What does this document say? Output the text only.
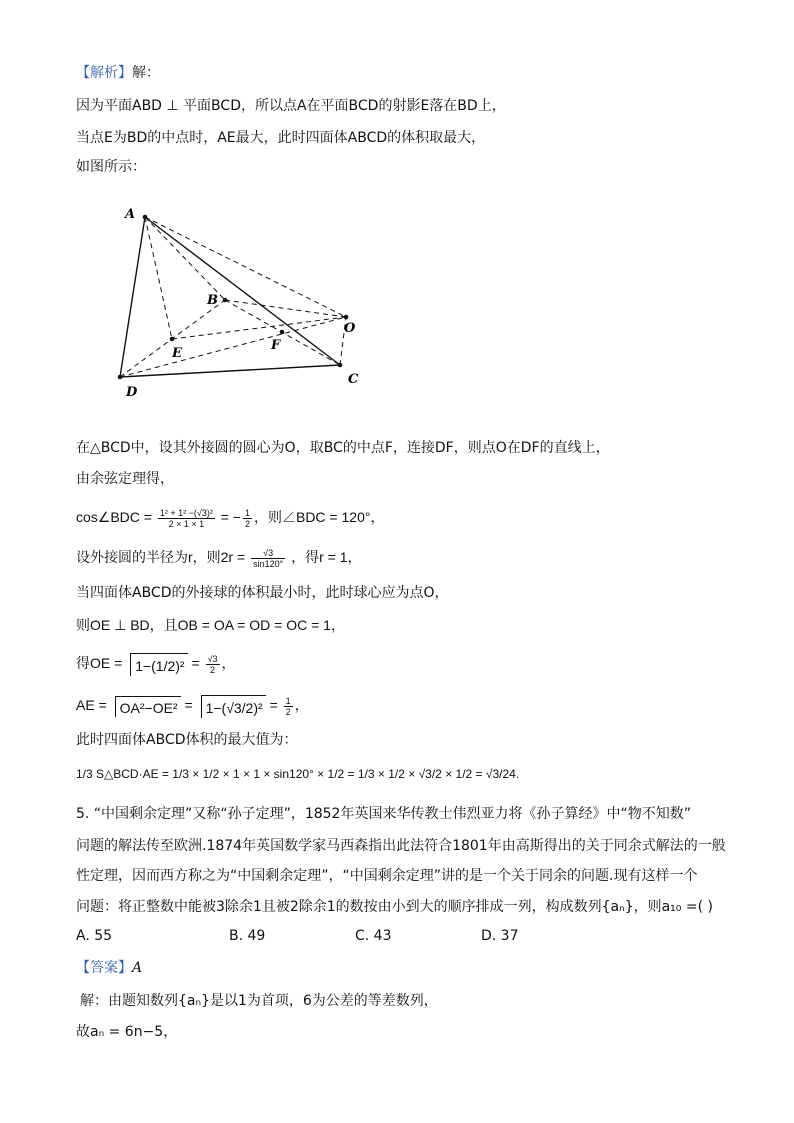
【解析】解：
因为平面ABD ⊥ 平面BCD，所以点A在平面BCD的射影E落在BD上，
当点E为BD的中点时，AE最大，此时四面体ABCD的体积取最大，
如图所示：
A
B
C
D
E
F
O
在△BCD中，设其外接圆的圆心为O，取BC的中点F，连接DF，则点O在DF的直线上，
由余弦定理得，
cos∠BDC = $\frac{\text{1² + 1² −(√3)²}}{2 \times 1 \times 1}$ = − $\frac{1}{2}$ ，则∠BDC = 120°，
设外接圆的半径为r，则$2r = \frac{√3}{\sin 120^\circ}$ ，得r = 1，
当四面体ABCD的外接球的体积最小时，此时球心应为点O，
则OE ⊥ BD，且OB = OA = OD = OC = 1，
得OE = $1-(1/2)^2 = \frac{√3}{2}$ ，
AE = $OA^2-OE^2 = 1-(√3/2)^2 = \frac{1}{2}$ ，
此时四面体ABCD体积的最大值为：
1/3 S△BCD·AE = 1/3 × 1/2 × 1 × 1 × sin120° × 1/2 = 1/3 × 1/2 × √3/2 × 1/2 = √3/24.
5. “中国剩余定理”又称“孙子定理”，1852年英国来华传教士伟烈亚力将《孙子算经》中“物不知数”
问题的解法传至欧洲.1874年英国数学家马西森指出此法符合1801年由高斯得出的关于同余式解法的一般
性定理，因而西方称之为“中国剩余定理”，“中国剩余定理”讲的是一个关于同余的问题.现有这样一个
问题：将正整数中能被3除余1且被2除余1的数按由小到大的顺序排成一列，构成数列{aₙ}，则a₁₀ =( )
A. 55	B. 49	C. 43	D. 37
【答案】A
解：由题知数列{aₙ}是以1为首项，6为公差的等差数列，
故aₙ = 6n−5，
